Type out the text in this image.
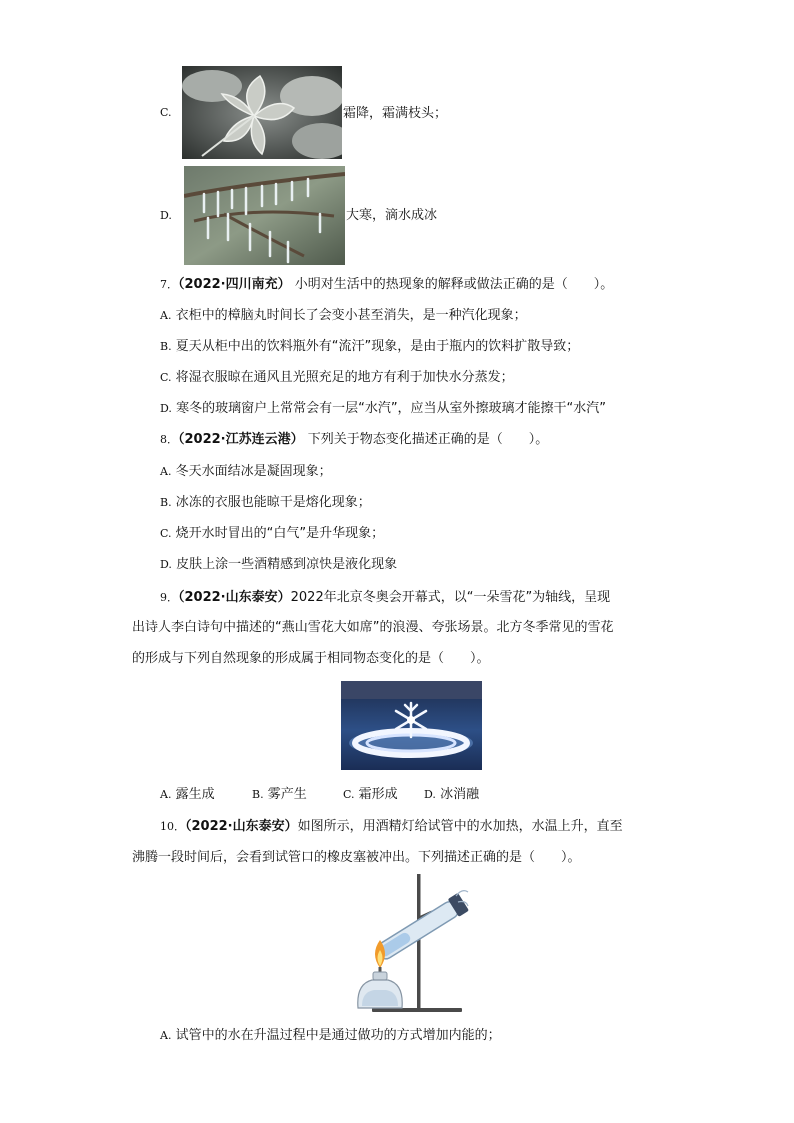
C.	霜降，霜满枝头；
D.	大寒，滴水成冰
7．（2022·四川南充） 小明对生活中的热现象的解释或做法正确的是（　　）。
A. 衣柜中的樟脑丸时间长了会变小甚至消失，是一种汽化现象；
B. 夏天从柜中出的饮料瓶外有“流汗”现象，是由于瓶内的饮料扩散导致；
C. 将湿衣服晾在通风且光照充足的地方有利于加快水分蒸发；
D. 寒冬的玻璃窗户上常常会有一层“水汽”，应当从室外擦玻璃才能擦干“水汽”
8．（2022·江苏连云港） 下列关于物态变化描述正确的是（　　）。
A. 冬天水面结冰是凝固现象；
B. 冰冻的衣服也能晾干是熔化现象；
C. 烧开水时冒出的“白气”是升华现象；
D. 皮肤上涂一些酒精感到凉快是液化现象
9．（2022·山东泰安）2022年北京冬奥会开幕式，以“一朵雪花”为轴线，呈现
出诗人李白诗句中描述的“燕山雪花大如席”的浪漫、夸张场景。北方冬季常见的雪花
的形成与下列自然现象的形成属于相同物态变化的是（　　）。
A. 露生成	B. 雾产生	C. 霜形成 D. 冰消融
10．（2022·山东泰安）如图所示，用酒精灯给试管中的水加热，水温上升，直至
沸腾一段时间后，会看到试管口的橡皮塞被冲出。下列描述正确的是（　　）。
A. 试管中的水在升温过程中是通过做功的方式增加内能的；
